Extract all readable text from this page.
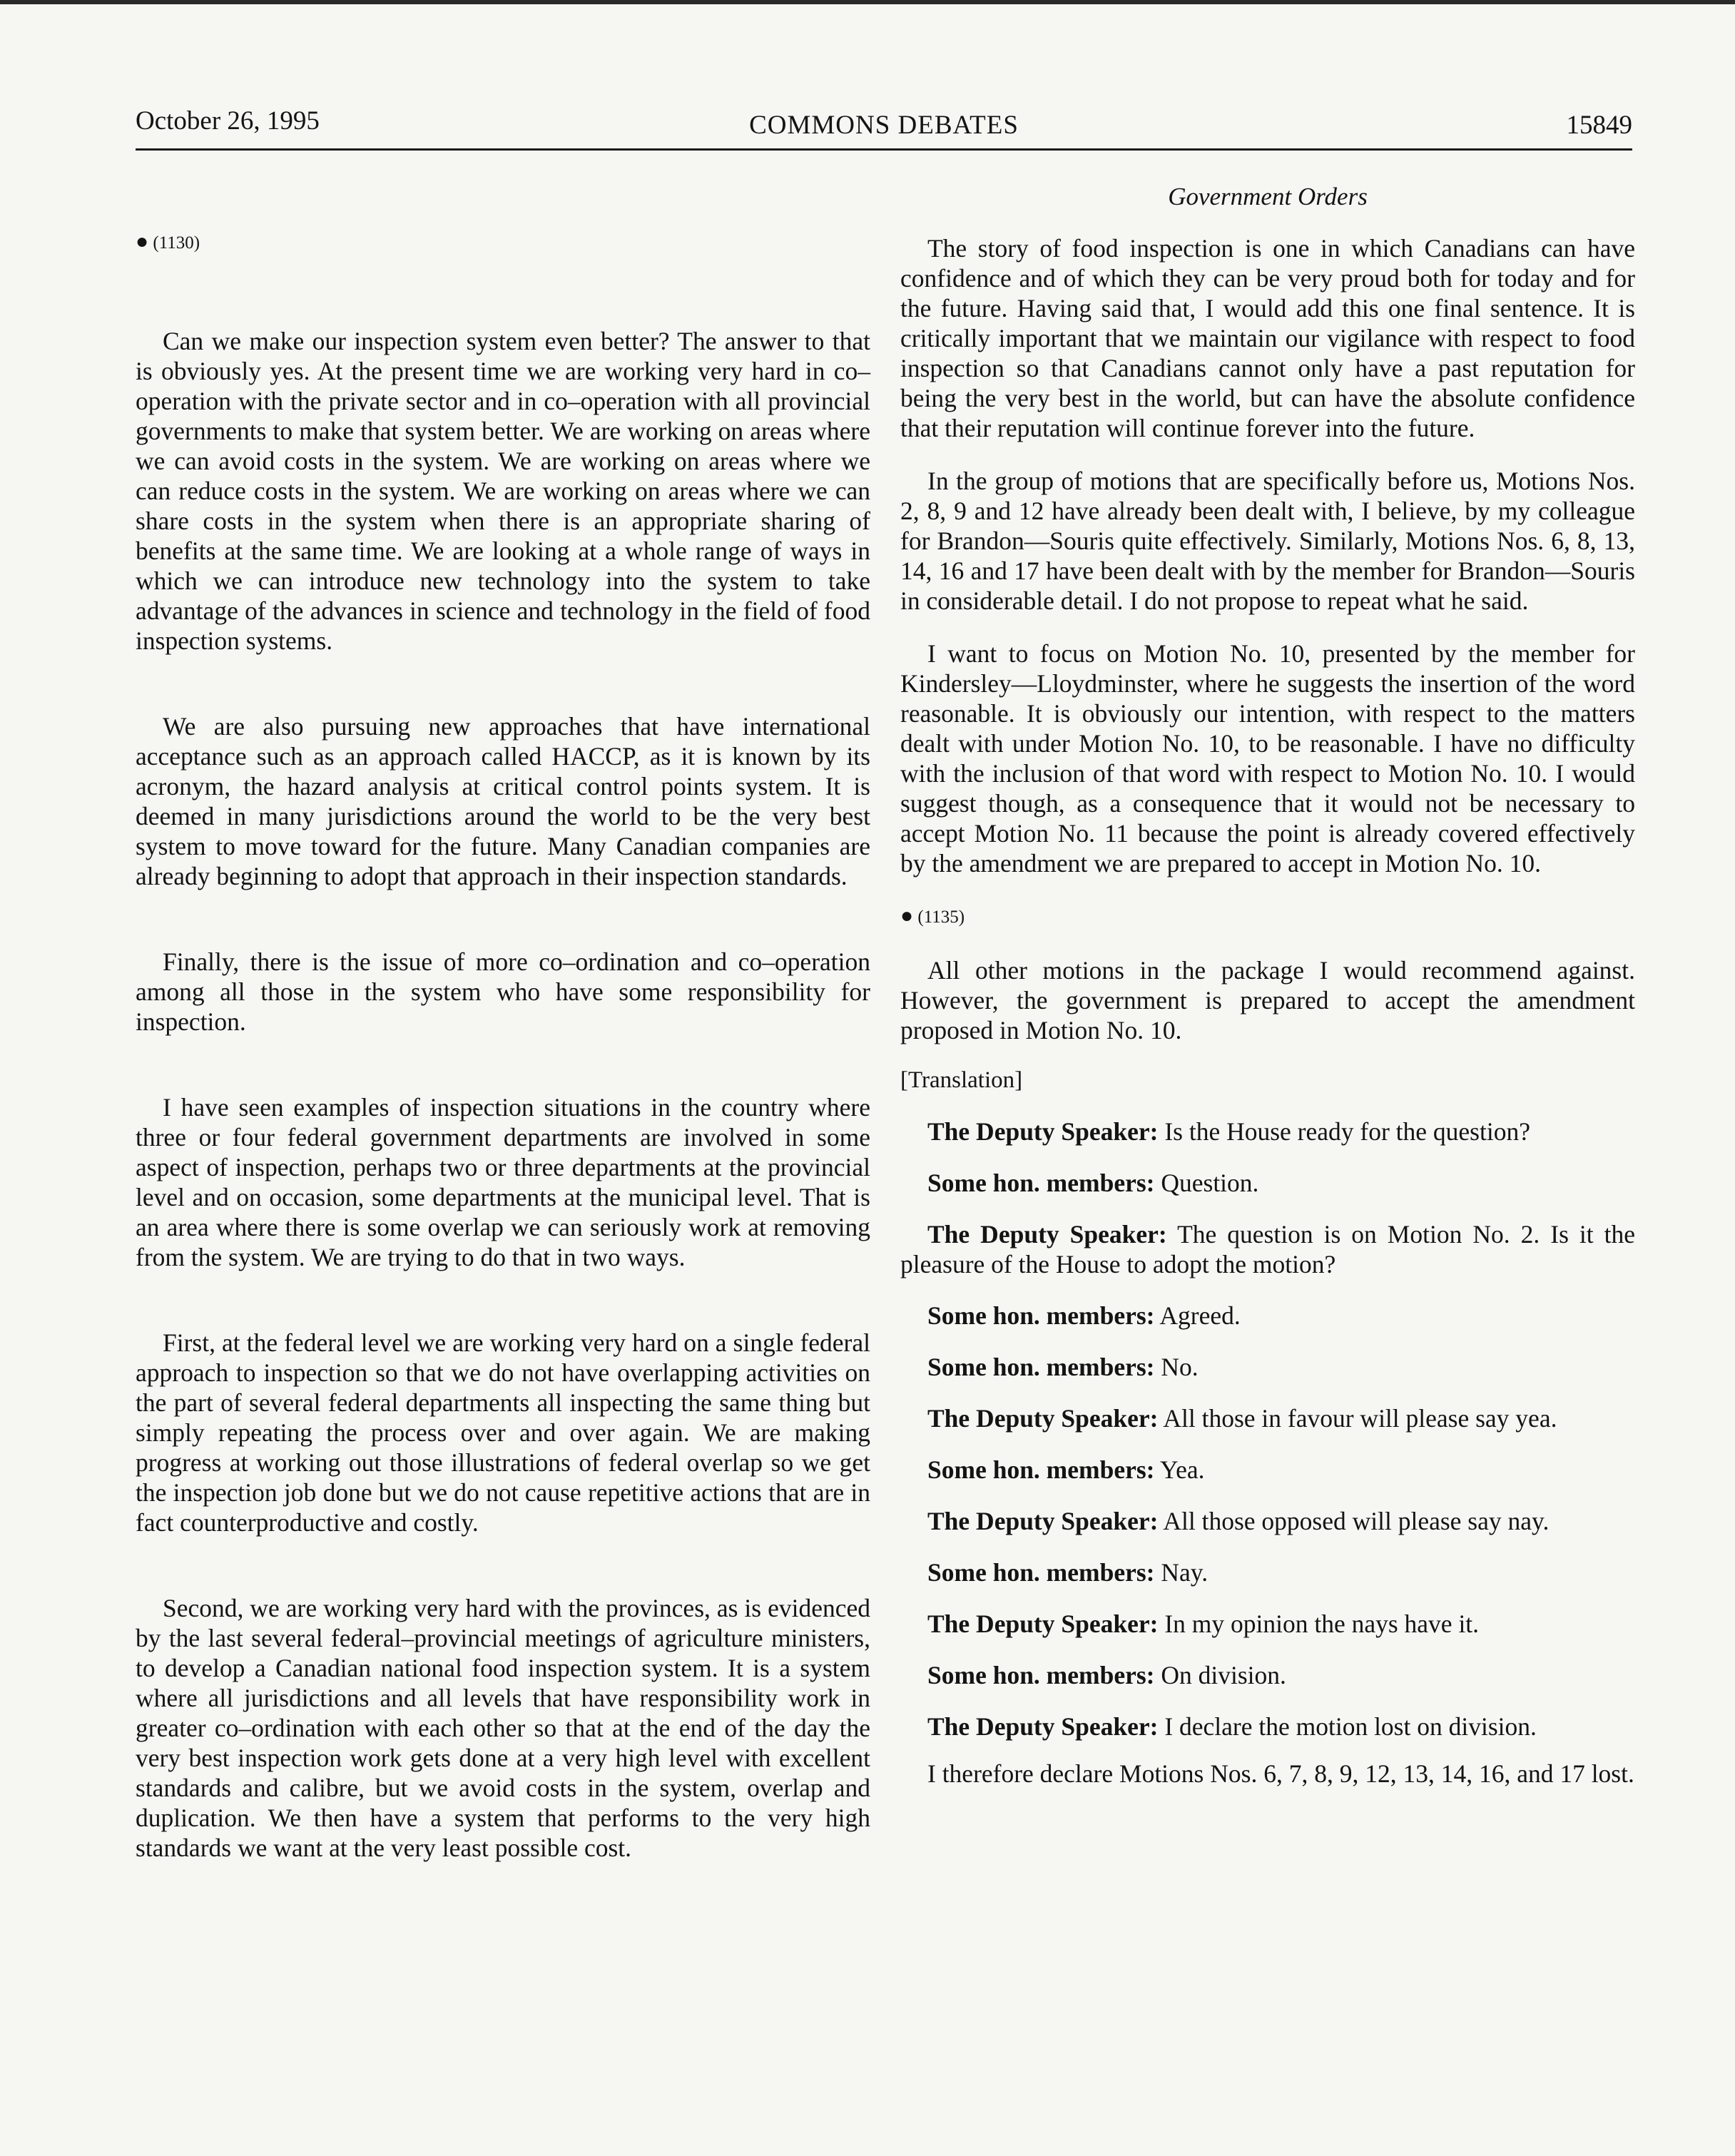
October 26, 1995	COMMONS DEBATES	15849

● (1130)

Can we make our inspection system even better? The answer to that is obviously yes. At the present time we are working very hard in co–operation with the private sector and in co–operation with all provincial governments to make that system better. We are working on areas where we can avoid costs in the system. We are working on areas where we can reduce costs in the system. We are working on areas where we can share costs in the system when there is an appropriate sharing of benefits at the same time. We are looking at a whole range of ways in which we can introduce new technology into the system to take advantage of the advances in science and technology in the field of food inspection systems.

We are also pursuing new approaches that have international acceptance such as an approach called HACCP, as it is known by its acronym, the hazard analysis at critical control points system. It is deemed in many jurisdictions around the world to be the very best system to move toward for the future. Many Canadian companies are already beginning to adopt that approach in their inspection standards.

Finally, there is the issue of more co–ordination and co–operation among all those in the system who have some responsibility for inspection.

I have seen examples of inspection situations in the country where three or four federal government departments are involved in some aspect of inspection, perhaps two or three departments at the provincial level and on occasion, some departments at the municipal level. That is an area where there is some overlap we can seriously work at removing from the system. We are trying to do that in two ways.

First, at the federal level we are working very hard on a single federal approach to inspection so that we do not have overlapping activities on the part of several federal departments all inspecting the same thing but simply repeating the process over and over again. We are making progress at working out those illustrations of federal overlap so we get the inspection job done but we do not cause repetitive actions that are in fact counterproductive and costly.

Second, we are working very hard with the provinces, as is evidenced by the last several federal–provincial meetings of agriculture ministers, to develop a Canadian national food inspection system. It is a system where all jurisdictions and all levels that have responsibility work in greater co–ordination with each other so that at the end of the day the very best inspection work gets done at a very high level with excellent standards and calibre, but we avoid costs in the system, overlap and duplication. We then have a system that performs to the very high standards we want at the very least possible cost.

Government Orders

The story of food inspection is one in which Canadians can have confidence and of which they can be very proud both for today and for the future. Having said that, I would add this one final sentence. It is critically important that we maintain our vigilance with respect to food inspection so that Canadians cannot only have a past reputation for being the very best in the world, but can have the absolute confidence that their reputation will continue forever into the future.

In the group of motions that are specifically before us, Motions Nos. 2, 8, 9 and 12 have already been dealt with, I believe, by my colleague for Brandon—Souris quite effectively. Similarly, Motions Nos. 6, 8, 13, 14, 16 and 17 have been dealt with by the member for Brandon—Souris in considerable detail. I do not propose to repeat what he said.

I want to focus on Motion No. 10, presented by the member for Kindersley—Lloydminster, where he suggests the insertion of the word reasonable. It is obviously our intention, with respect to the matters dealt with under Motion No. 10, to be reasonable. I have no difficulty with the inclusion of that word with respect to Motion No. 10. I would suggest though, as a consequence that it would not be necessary to accept Motion No. 11 because the point is already covered effectively by the amendment we are prepared to accept in Motion No. 10.

● (1135)

All other motions in the package I would recommend against. However, the government is prepared to accept the amendment proposed in Motion No. 10.

[Translation]

The Deputy Speaker: Is the House ready for the question?

Some hon. members: Question.

The Deputy Speaker: The question is on Motion No. 2. Is it the pleasure of the House to adopt the motion?

Some hon. members: Agreed.

Some hon. members: No.

The Deputy Speaker: All those in favour will please say yea.

Some hon. members: Yea.

The Deputy Speaker: All those opposed will please say nay.

Some hon. members: Nay.

The Deputy Speaker: In my opinion the nays have it.

Some hon. members: On division.

The Deputy Speaker: I declare the motion lost on division.

I therefore declare Motions Nos. 6, 7, 8, 9, 12, 13, 14, 16, and 17 lost.
